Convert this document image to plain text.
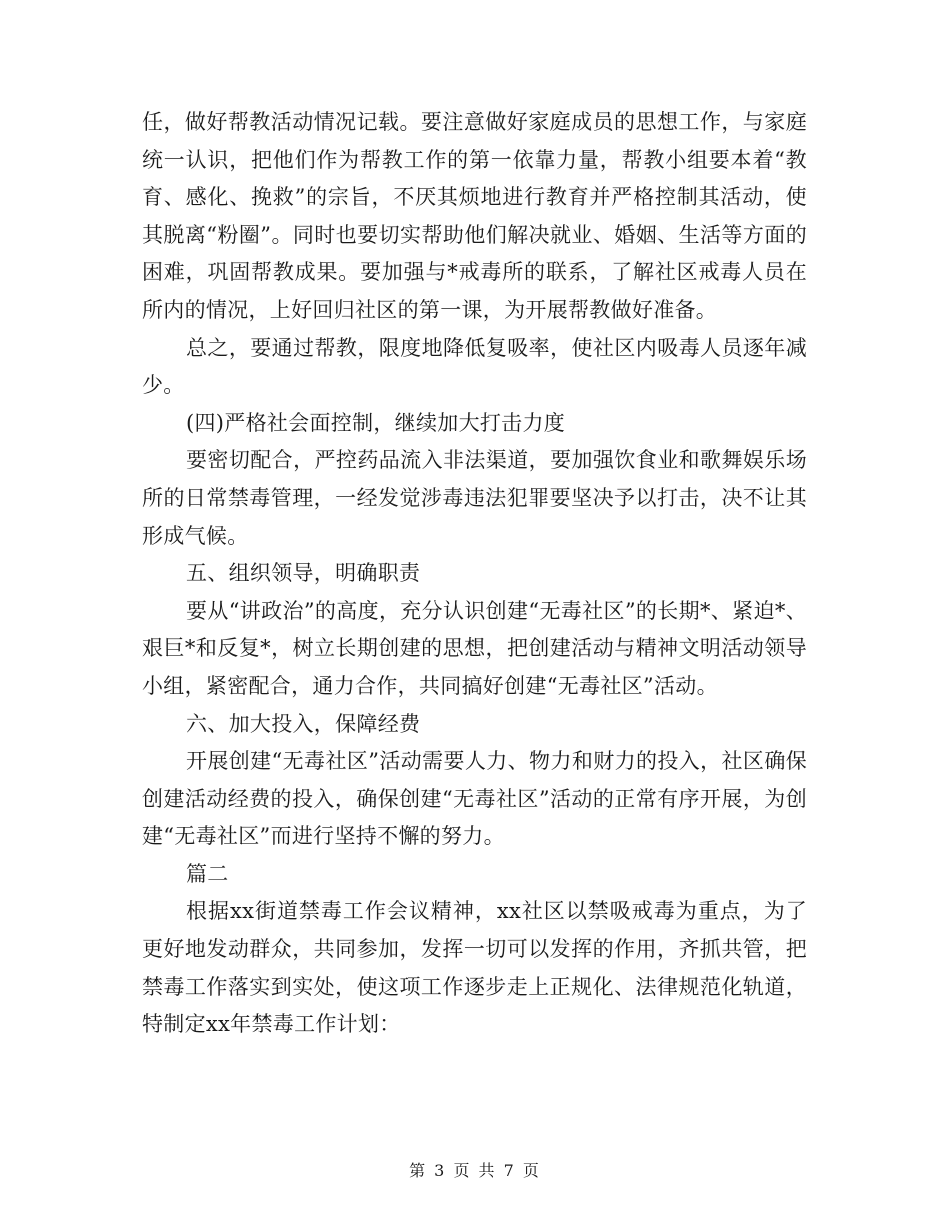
任，做好帮教活动情况记载。要注意做好家庭成员的思想工作，与家庭统一认识，把他们作为帮教工作的第一依靠力量，帮教小组要本着“教育、感化、挽救”的宗旨，不厌其烦地进行教育并严格控制其活动，使其脱离“粉圈”。同时也要切实帮助他们解决就业、婚姻、生活等方面的困难，巩固帮教成果。要加强与*戒毒所的联系，了解社区戒毒人员在所内的情况，上好回归社区的第一课，为开展帮教做好准备。

总之，要通过帮教，限度地降低复吸率，使社区内吸毒人员逐年减少。

(四)严格社会面控制，继续加大打击力度

要密切配合，严控药品流入非法渠道，要加强饮食业和歌舞娱乐场所的日常禁毒管理，一经发觉涉毒违法犯罪要坚决予以打击，决不让其形成气候。

五、组织领导，明确职责

要从“讲政治”的高度，充分认识创建“无毒社区”的长期*、紧迫*、艰巨*和反复*，树立长期创建的思想，把创建活动与精神文明活动领导小组，紧密配合，通力合作，共同搞好创建“无毒社区”活动。

六、加大投入，保障经费

开展创建“无毒社区”活动需要人力、物力和财力的投入，社区确保创建活动经费的投入，确保创建“无毒社区”活动的正常有序开展，为创建“无毒社区”而进行坚持不懈的努力。

篇二

根据xx街道禁毒工作会议精神，xx社区以禁吸戒毒为重点，为了更好地发动群众，共同参加，发挥一切可以发挥的作用，齐抓共管，把禁毒工作落实到实处，使这项工作逐步走上正规化、法律规范化轨道，特制定xx年禁毒工作计划：

第 3 页 共 7 页
